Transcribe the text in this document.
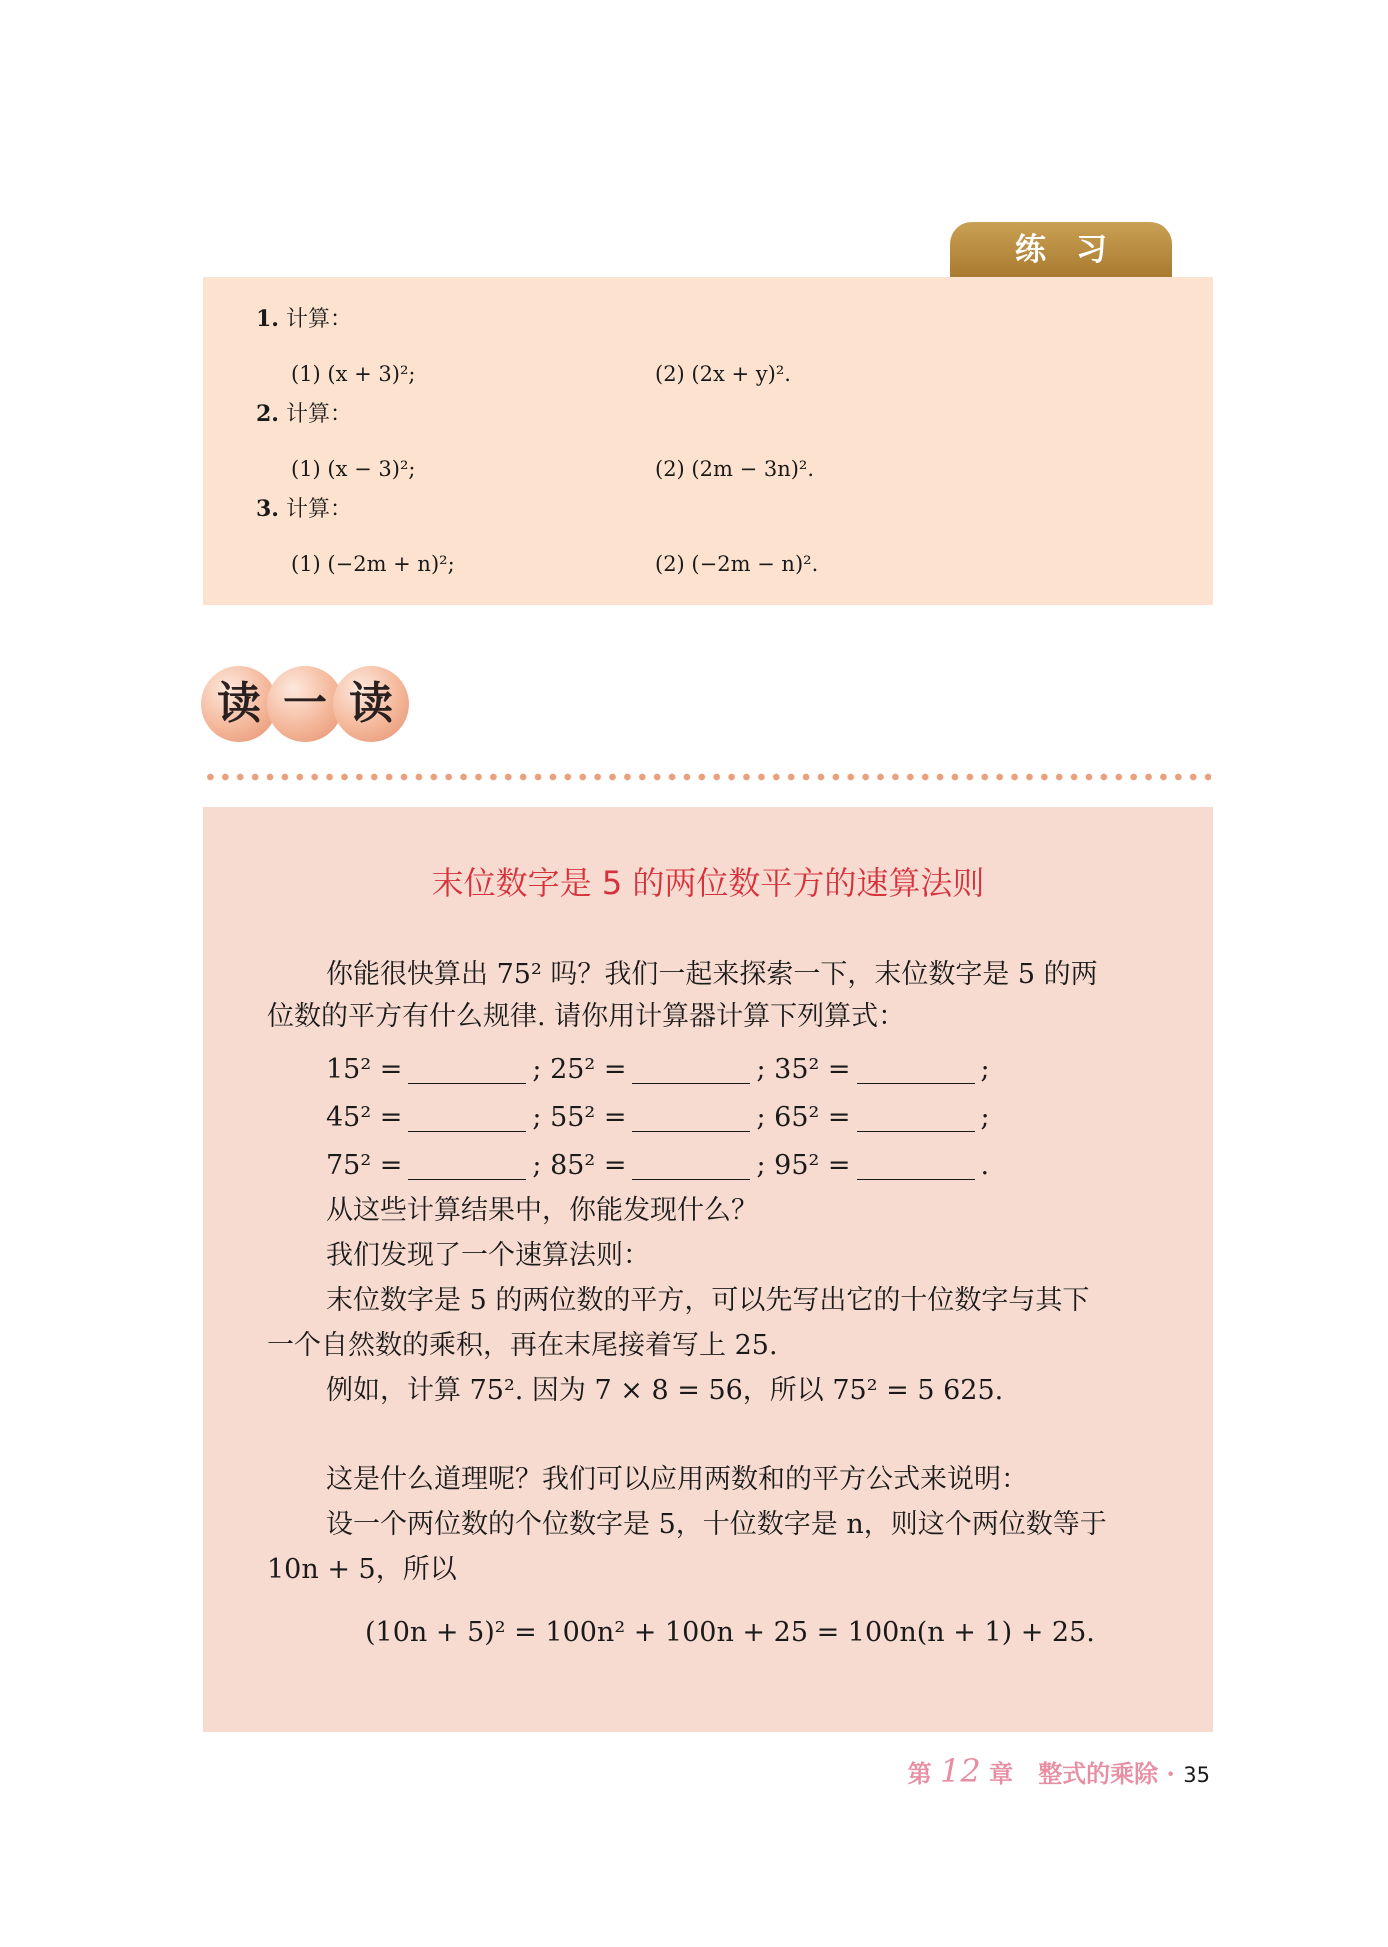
练习
1. 计算：
(1) (x + 3)²;	(2) (2x + y)².
2. 计算：
(1) (x − 3)²;	(2) (2m − 3n)².
3. 计算：
(1) (−2m + n)²;	(2) (−2m − n)².
读 一 读
末位数字是 5 的两位数平方的速算法则
你能很快算出 75² 吗？我们一起来探索一下，末位数字是 5 的两
位数的平方有什么规律. 请你用计算器计算下列算式：
15² =	; 25² =	; 35² =	;
45² =	; 55² =	; 65² =	;
75² =	; 85² =	; 95² =	.
从这些计算结果中，你能发现什么？
我们发现了一个速算法则：
末位数字是 5 的两位数的平方，可以先写出它的十位数字与其下
一个自然数的乘积，再在末尾接着写上 25.
例如，计算 75². 因为 7 × 8 = 56，所以 75² = 5 625.
这是什么道理呢？我们可以应用两数和的平方公式来说明：
设一个两位数的个位数字是 5，十位数字是 n，则这个两位数等于
10n + 5，所以
(10n + 5)² = 100n² + 100n + 25 = 100n(n + 1) + 25.
第 12 章 整式的乘除 · 35
